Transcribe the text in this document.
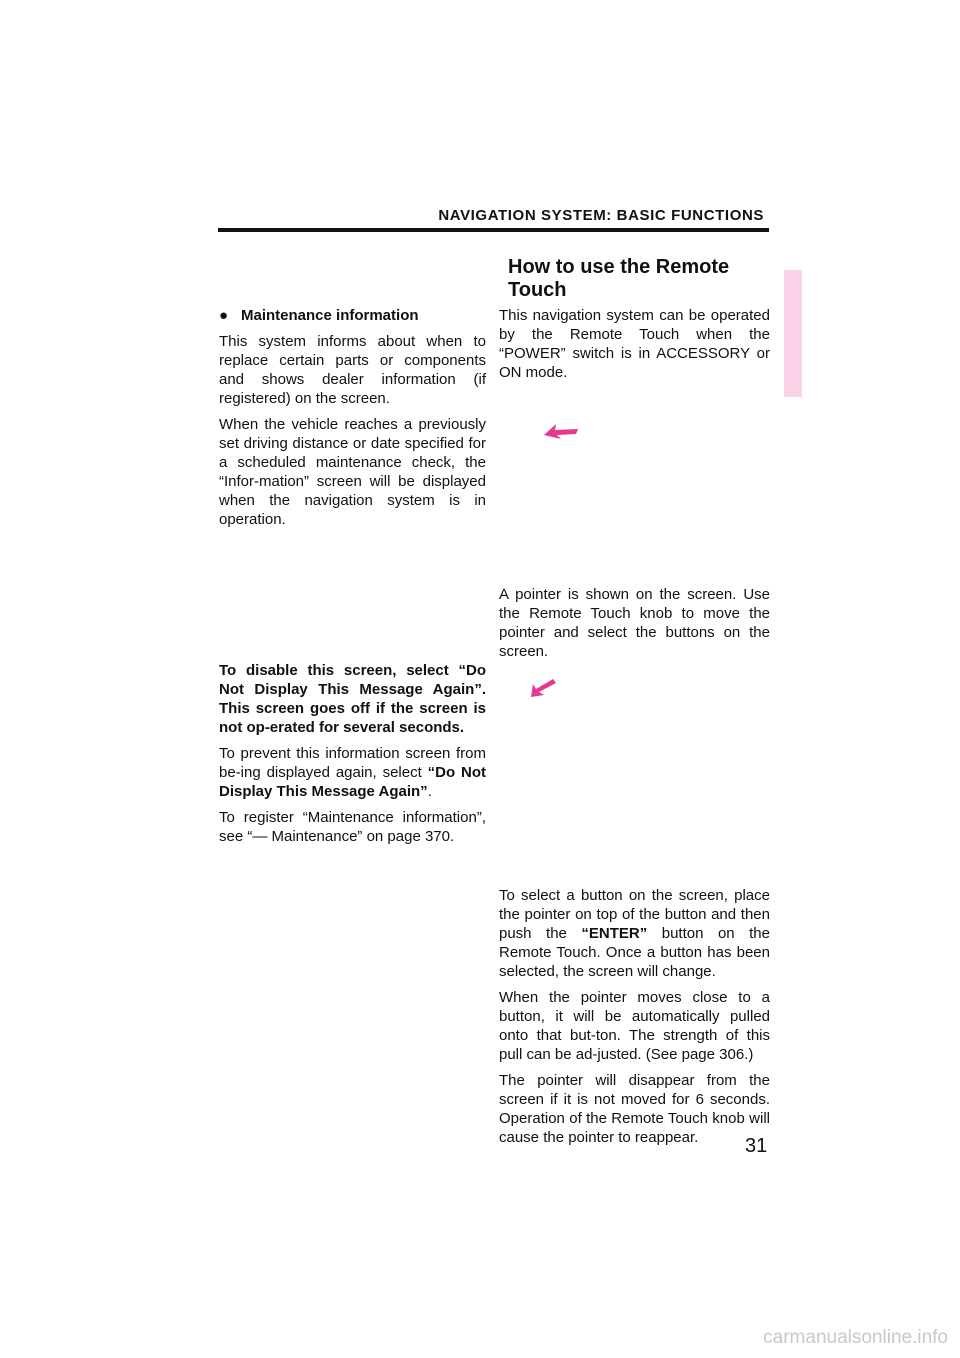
NAVIGATION SYSTEM: BASIC FUNCTIONS
● Maintenance information

This system informs about when to replace certain parts or components and shows dealer information (if registered) on the screen.

When the vehicle reaches a previously set driving distance or date specified for a scheduled maintenance check, the “Infor-mation” screen will be displayed when the navigation system is in operation.

To disable this screen, select “Do Not Display This Message Again”. This screen goes off if the screen is not op-erated for several seconds.

To prevent this information screen from be-ing displayed again, select “Do Not Display This Message Again”.

To register “Maintenance information”, see “— Maintenance” on page 370.

How to use the Remote
Touch

This navigation system can be operated by the Remote Touch when the “POWER” switch is in ACCESSORY or ON mode.

A pointer is shown on the screen. Use the Remote Touch knob to move the pointer and select the buttons on the screen.

To select a button on the screen, place the pointer on top of the button and then push the “ENTER” button on the Remote Touch. Once a button has been selected, the screen will change.

When the pointer moves close to a button, it will be automatically pulled onto that but-ton. The strength of this pull can be ad-justed. (See page 306.)

The pointer will disappear from the screen if it is not moved for 6 seconds. Operation of the Remote Touch knob will cause the pointer to reappear.	31
carmanualsonline.info
